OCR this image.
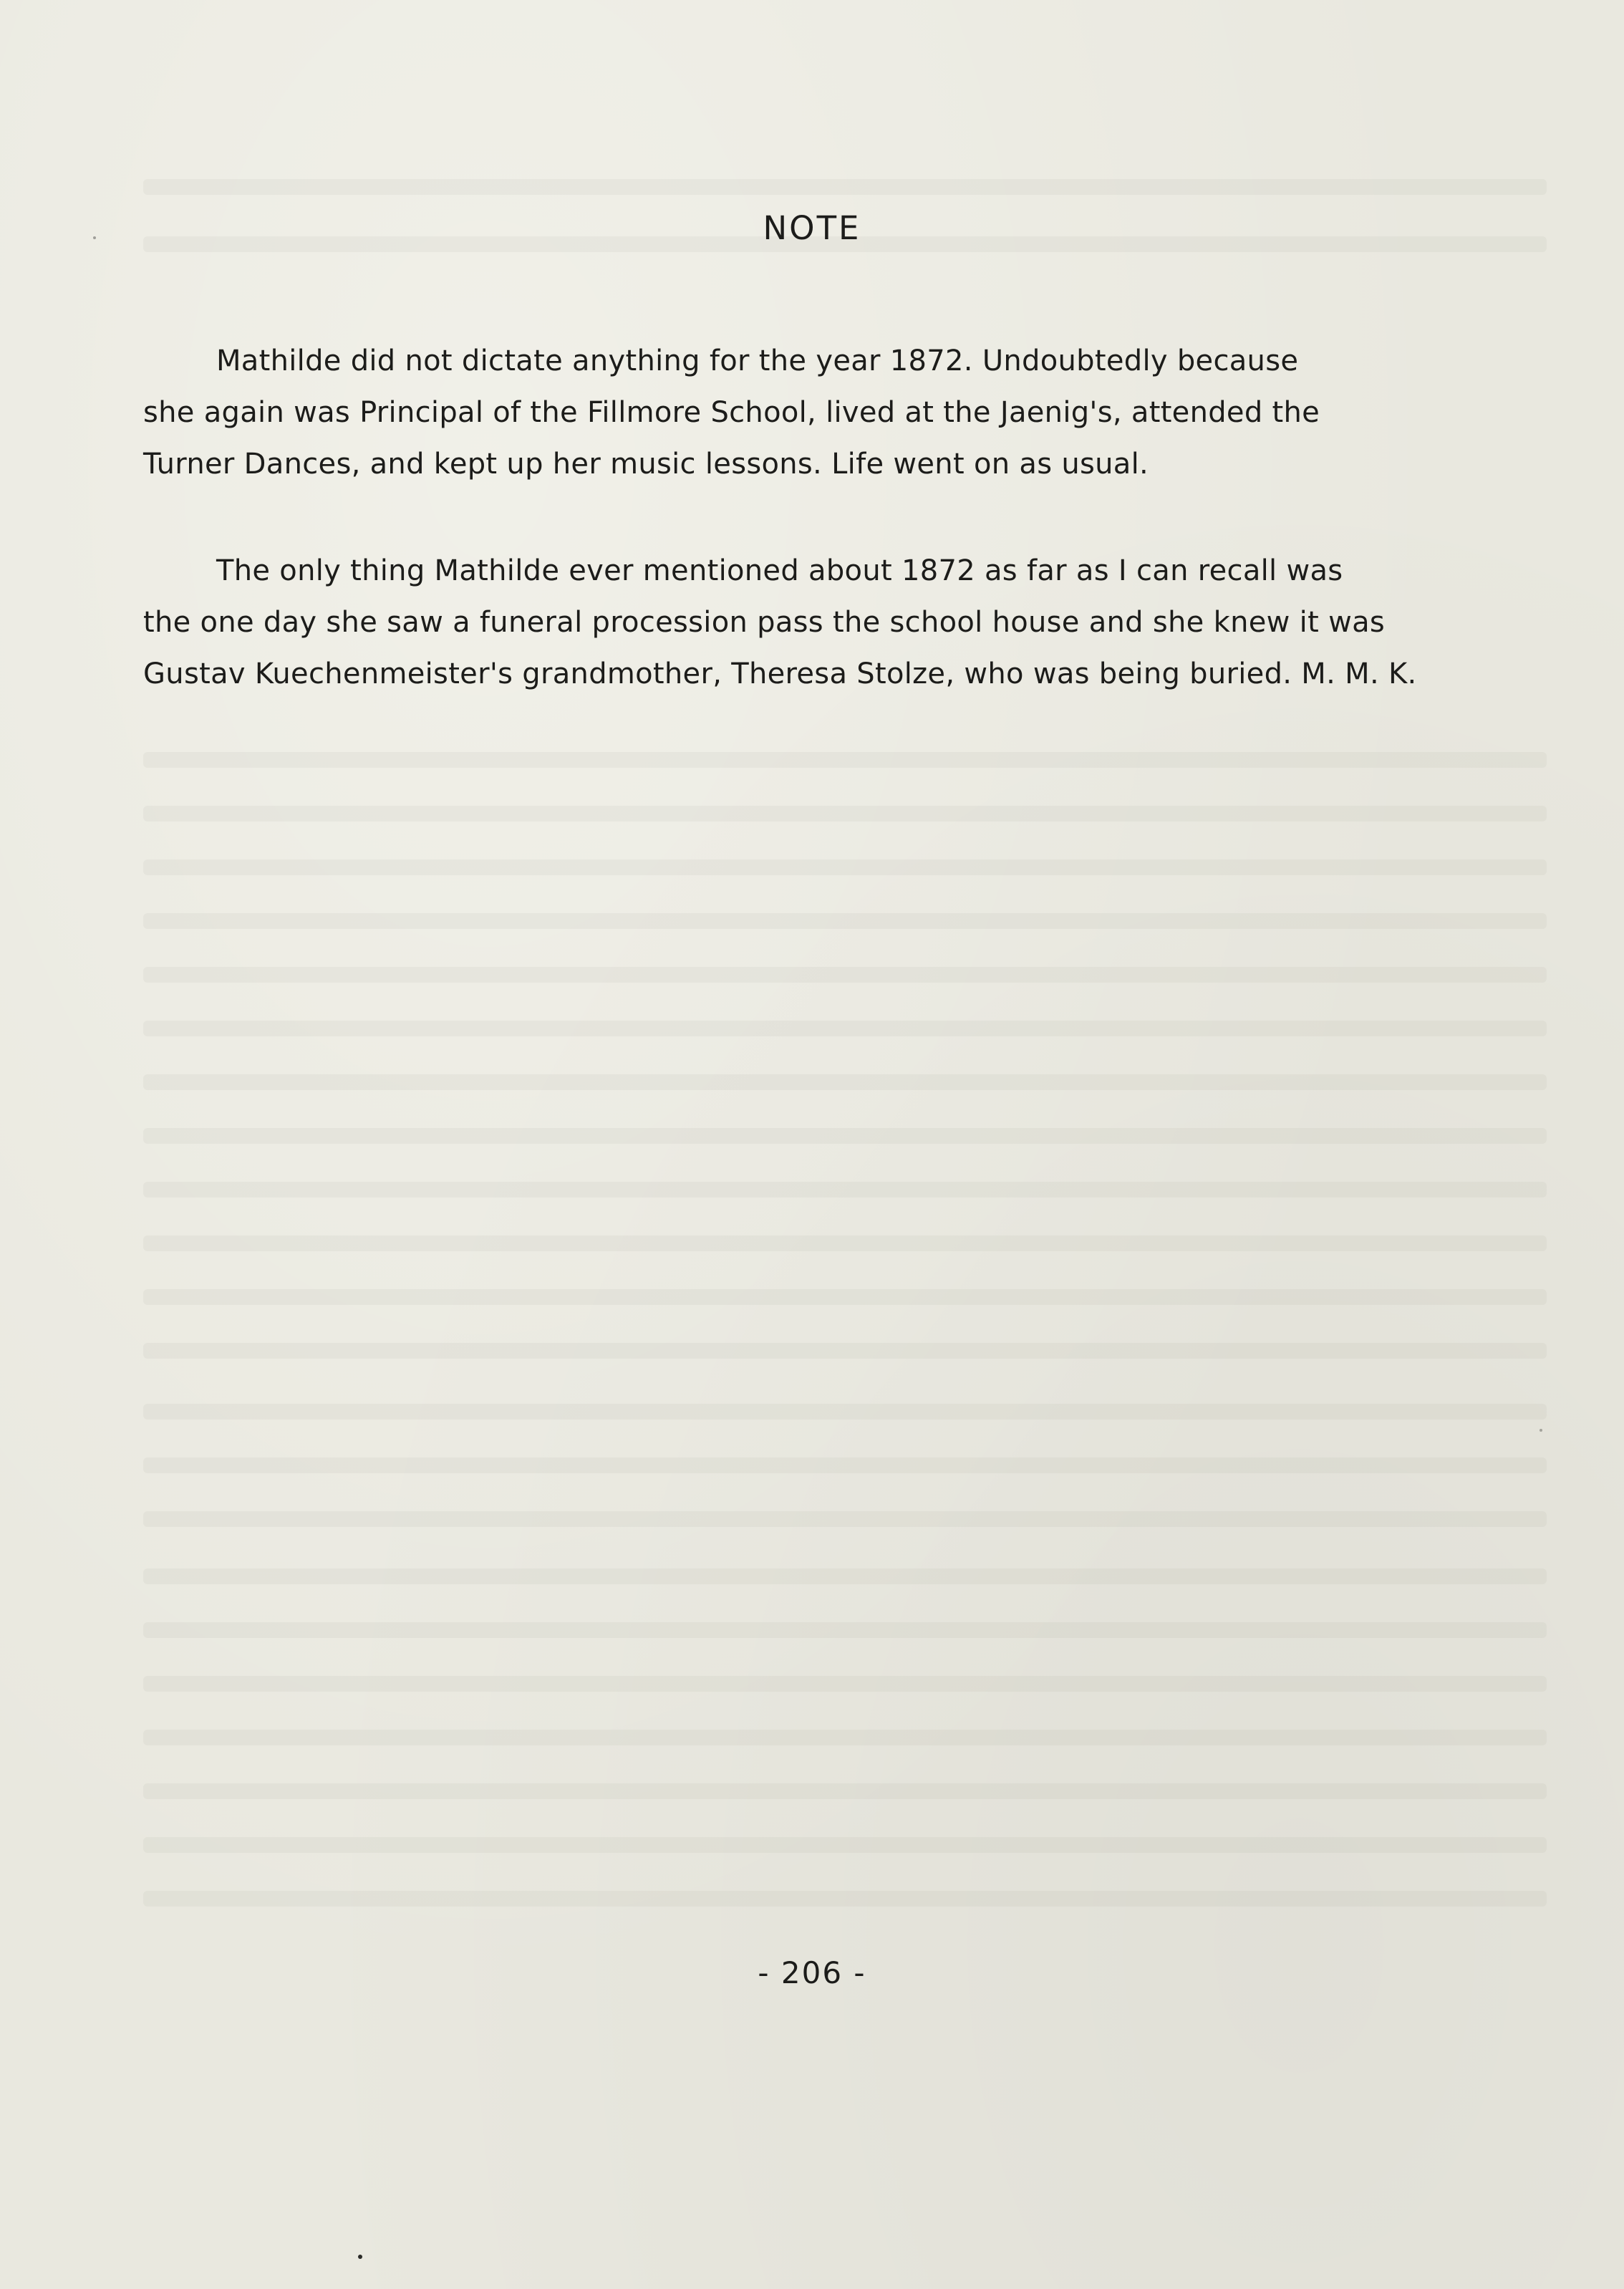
NOTE

Mathilde did not dictate anything for the year 1872. Undoubtedly because
she again was Principal of the Fillmore School, lived at the Jaenig's, attended the
Turner Dances, and kept up her music lessons. Life went on as usual.

The only thing Mathilde ever mentioned about 1872 as far as I can recall was
the one day she saw a funeral procession pass the school house and she knew it was
Gustav Kuechenmeister's grandmother, Theresa Stolze, who was being buried. M. M. K.

- 206 -
